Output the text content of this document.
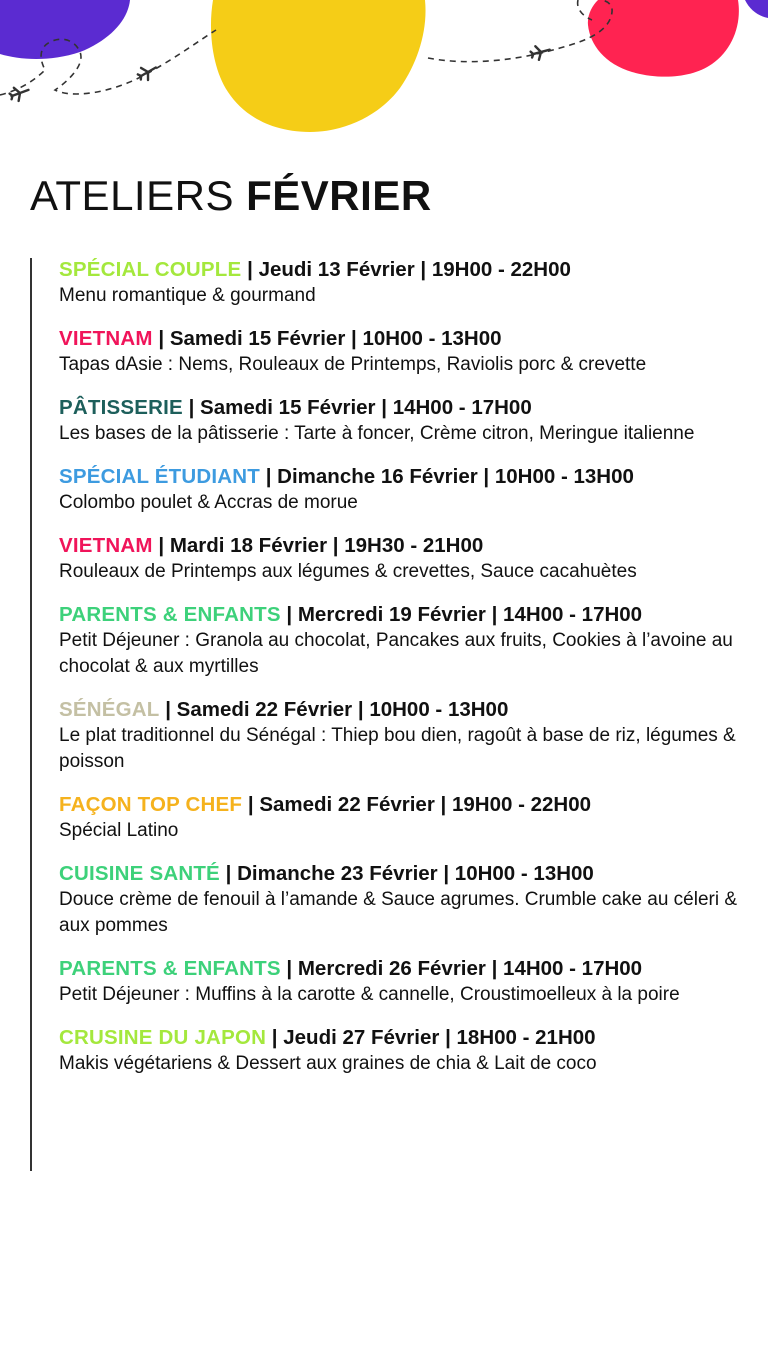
ATELIERS FÉVRIER
SPÉCIAL COUPLE | Jeudi 13 Février | 19H00 - 22H00
Menu romantique & gourmand
VIETNAM | Samedi 15 Février | 10H00 - 13H00
Tapas dAsie : Nems, Rouleaux de Printemps, Raviolis porc & crevette
PÂTISSERIE | Samedi 15 Février | 14H00 - 17H00
Les bases de la pâtisserie : Tarte à foncer, Crème citron, Meringue italienne
SPÉCIAL ÉTUDIANT | Dimanche 16 Février | 10H00 - 13H00
Colombo poulet & Accras de morue
VIETNAM | Mardi 18 Février | 19H30 - 21H00
Rouleaux de Printemps aux légumes & crevettes, Sauce cacahuètes
PARENTS & ENFANTS | Mercredi 19 Février | 14H00 - 17H00
Petit Déjeuner : Granola au chocolat, Pancakes aux fruits, Cookies à l’avoine au chocolat & aux myrtilles
SÉNÉGAL | Samedi 22 Février | 10H00 - 13H00
Le plat traditionnel du Sénégal : Thiep bou dien, ragoût à base de riz, légumes & poisson
FAÇON TOP CHEF | Samedi 22 Février | 19H00 - 22H00
Spécial Latino
CUISINE SANTÉ | Dimanche 23 Février | 10H00 - 13H00
Douce crème de fenouil à l’amande & Sauce agrumes. Crumble cake au céleri & aux pommes
PARENTS & ENFANTS | Mercredi 26 Février | 14H00 - 17H00
Petit Déjeuner : Muffins à la carotte & cannelle, Croustimoelleux à la poire
CRUSINE DU JAPON | Jeudi 27 Février | 18H00 - 21H00
Makis végétariens & Dessert aux graines de chia & Lait de coco
